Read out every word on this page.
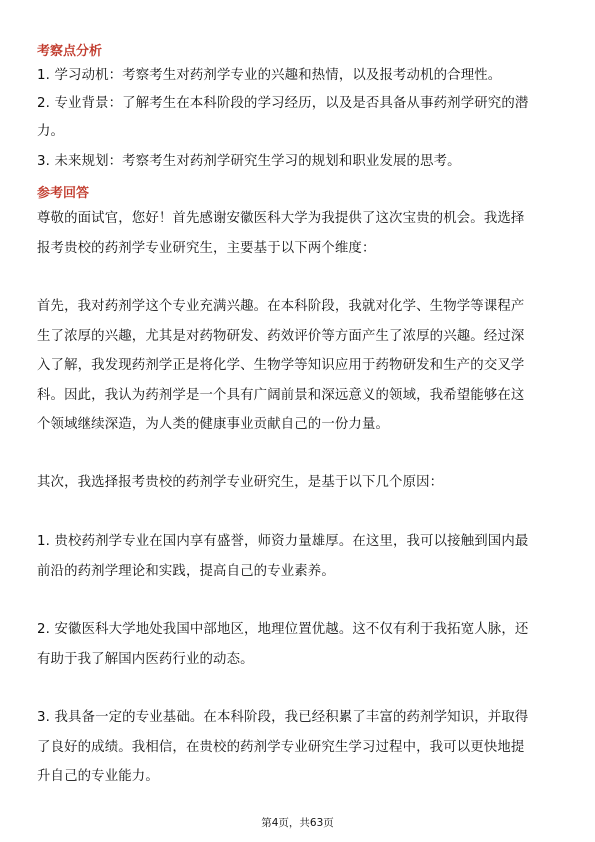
考察点分析
1. 学习动机：考察考生对药剂学专业的兴趣和热情，以及报考动机的合理性。
2. 专业背景：了解考生在本科阶段的学习经历，以及是否具备从事药剂学研究的潜
力。
3. 未来规划：考察考生对药剂学研究生学习的规划和职业发展的思考。
参考回答
尊敬的面试官，您好！首先感谢安徽医科大学为我提供了这次宝贵的机会。我选择
报考贵校的药剂学专业研究生，主要基于以下两个维度：
首先，我对药剂学这个专业充满兴趣。在本科阶段，我就对化学、生物学等课程产
生了浓厚的兴趣，尤其是对药物研发、药效评价等方面产生了浓厚的兴趣。经过深
入了解，我发现药剂学正是将化学、生物学等知识应用于药物研发和生产的交叉学
科。因此，我认为药剂学是一个具有广阔前景和深远意义的领域，我希望能够在这
个领域继续深造，为人类的健康事业贡献自己的一份力量。
其次，我选择报考贵校的药剂学专业研究生，是基于以下几个原因：
1. 贵校药剂学专业在国内享有盛誉，师资力量雄厚。在这里，我可以接触到国内最
前沿的药剂学理论和实践，提高自己的专业素养。
2. 安徽医科大学地处我国中部地区，地理位置优越。这不仅有利于我拓宽人脉，还
有助于我了解国内医药行业的动态。
3. 我具备一定的专业基础。在本科阶段，我已经积累了丰富的药剂学知识，并取得
了良好的成绩。我相信，在贵校的药剂学专业研究生学习过程中，我可以更快地提
升自己的专业能力。
第4页，共63页
